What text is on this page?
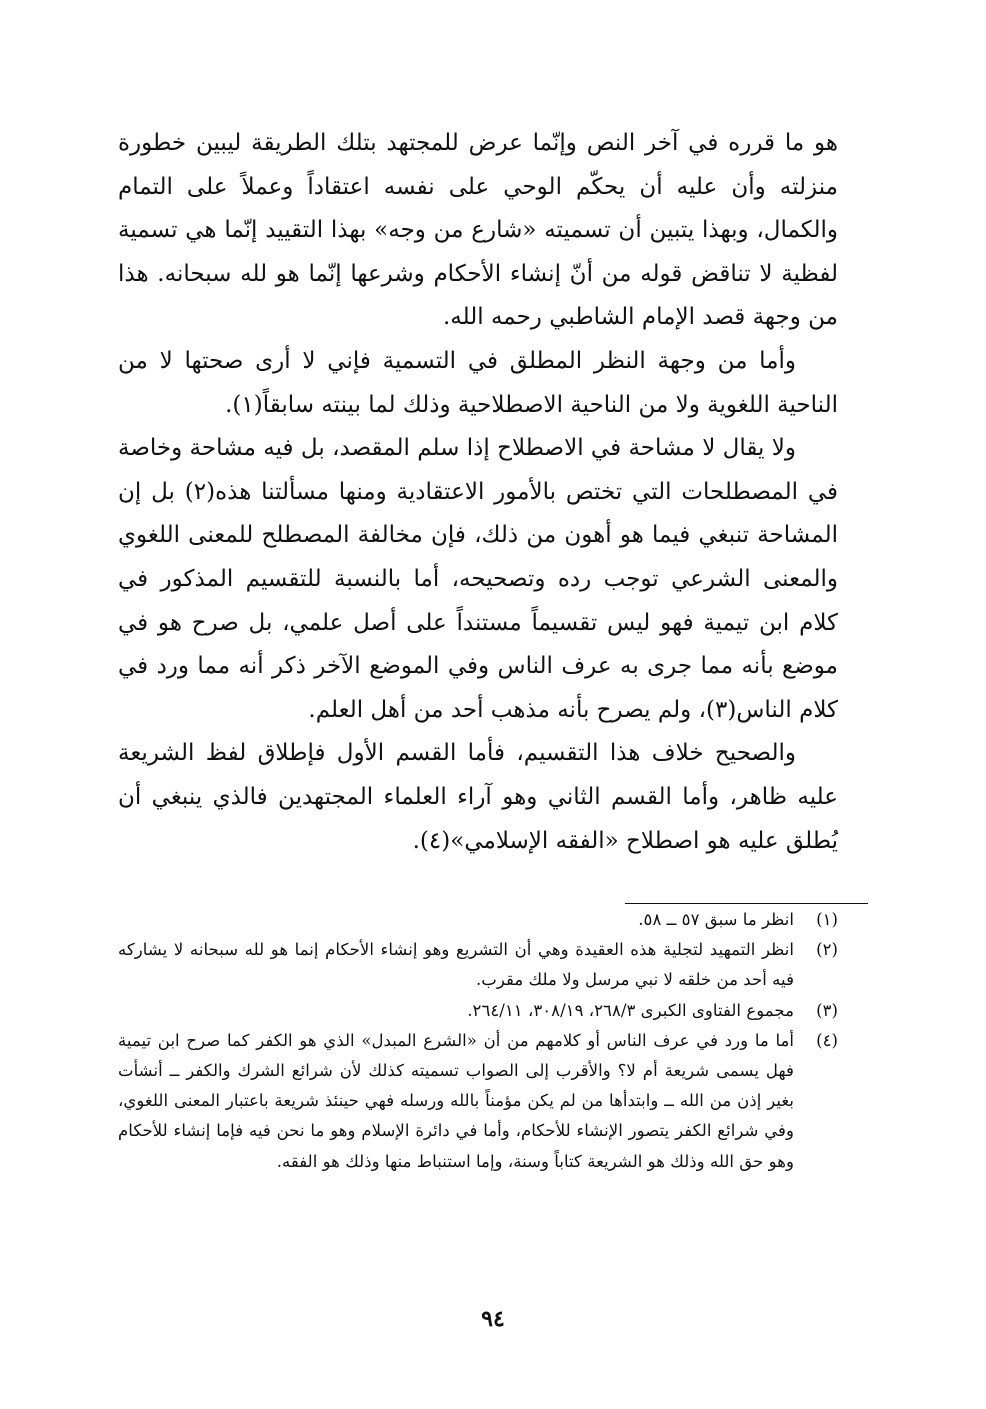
هو ما قرره في آخر النص وإنّما عرض للمجتهد بتلك الطريقة ليبين خطورة منزلته وأن عليه أن يحكّم الوحي على نفسه اعتقاداً وعملاً على التمام والكمال، وبهذا يتبين أن تسميته «شارع من وجه» بهذا التقييد إنّما هي تسمية لفظية لا تناقض قوله من أنّ إنشاء الأحكام وشرعها إنّما هو لله سبحانه. هذا من وجهة قصد الإمام الشاطبي رحمه الله.

وأما من وجهة النظر المطلق في التسمية فإني لا أرى صحتها لا من الناحية اللغوية ولا من الناحية الاصطلاحية وذلك لما بينته سابقاً(١).

ولا يقال لا مشاحة في الاصطلاح إذا سلم المقصد، بل فيه مشاحة وخاصة في المصطلحات التي تختص بالأمور الاعتقادية ومنها مسألتنا هذه(٢) بل إن المشاحة تنبغي فيما هو أهون من ذلك، فإن مخالفة المصطلح للمعنى اللغوي والمعنى الشرعي توجب رده وتصحيحه، أما بالنسبة للتقسيم المذكور في كلام ابن تيمية فهو ليس تقسيماً مستنداً على أصل علمي، بل صرح هو في موضع بأنه مما جرى به عرف الناس وفي الموضع الآخر ذكر أنه مما ورد في كلام الناس(٣)، ولم يصرح بأنه مذهب أحد من أهل العلم.

والصحيح خلاف هذا التقسيم، فأما القسم الأول فإطلاق لفظ الشريعة عليه ظاهر، وأما القسم الثاني وهو آراء العلماء المجتهدين فالذي ينبغي أن يُطلق عليه هو اصطلاح «الفقه الإسلامي»(٤).

(١)
انظر ما سبق ٥٧ ــ ٥٨.

(٢)
انظر التمهيد لتجلية هذه العقيدة وهي أن التشريع وهو إنشاء الأحكام إنما هو لله سبحانه لا يشاركه فيه أحد من خلقه لا نبي مرسل ولا ملك مقرب.

(٣)
مجموع الفتاوى الكبرى ٢٦٨/٣، ٣٠٨/١٩، ٢٦٤/١١.

(٤)
أما ما ورد في عرف الناس أو كلامهم من أن «الشرع المبدل» الذي هو الكفر كما صرح ابن تيمية فهل يسمى شريعة أم لا؟ والأقرب إلى الصواب تسميته كذلك لأن شرائع الشرك والكفر ــ أنشأت بغير إذن من الله ــ وابتدأها من لم يكن مؤمناً بالله ورسله فهي حينئذ شريعة باعتبار المعنى اللغوي، وفي شرائع الكفر يتصور الإنشاء للأحكام، وأما في دائرة الإسلام وهو ما نحن فيه فإما إنشاء للأحكام وهو حق الله وذلك هو الشريعة كتاباً وسنة، وإما استنباط منها وذلك هو الفقه.

٩٤
